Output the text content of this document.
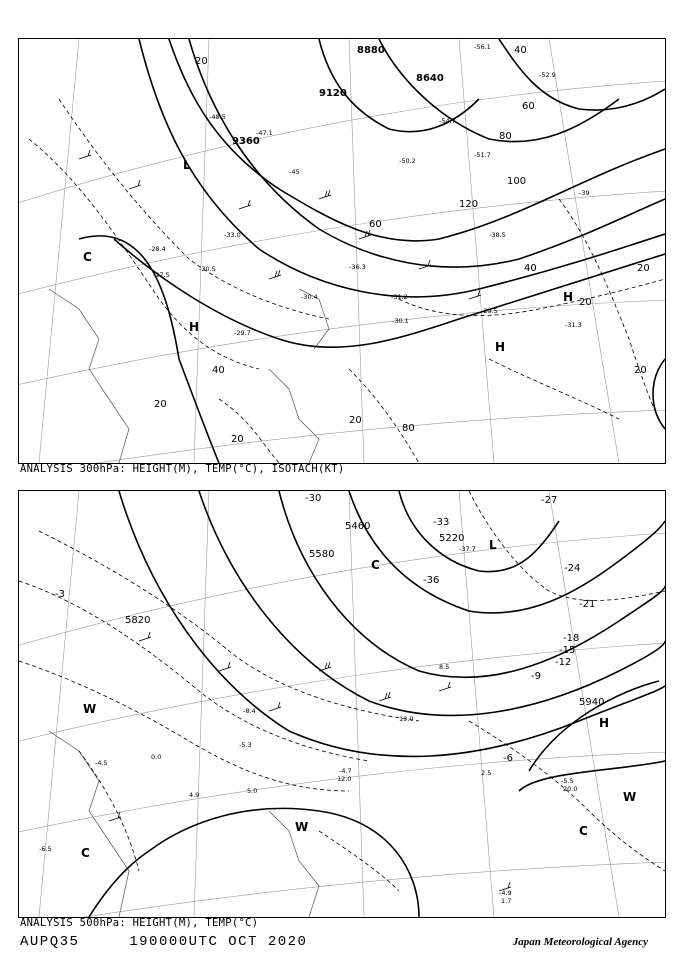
8880
8640
9120
9360
40
60
80
100
120
20
40	20
20
20
20
20
40
60
80
20
-56.1
-52.9
-54.7
-51.7
-50.2
-47.1
-48.5
-45
-39
-38.5
-36.3
-33.0
-30.5
-31.2
-30.4
-29.7
-30.1
-28.4
-27.5
-31.3
-29.5
C
H
H
H
L
ANALYSIS 300hPa: HEIGHT(M), TEMP(°C), ISOTACH(KT)
5220
5460
5580
5820
5940
-30
-33
-36
-37.7
-27
-24
-21
-18
-15
-12
-9
-6
-3
-5.5
-4.9
-4.7
-5.3
-6.5
-4.5
-8.4
20.0
12.0
13.0
4.9
2.5
1.7
0.0
5.0
8.5
L
C
C
W
W
H
W
C
ANALYSIS 500hPa: HEIGHT(M), TEMP(°C)
AUPQ35	190000UTC OCT 2020	Japan Meteorological Agency
